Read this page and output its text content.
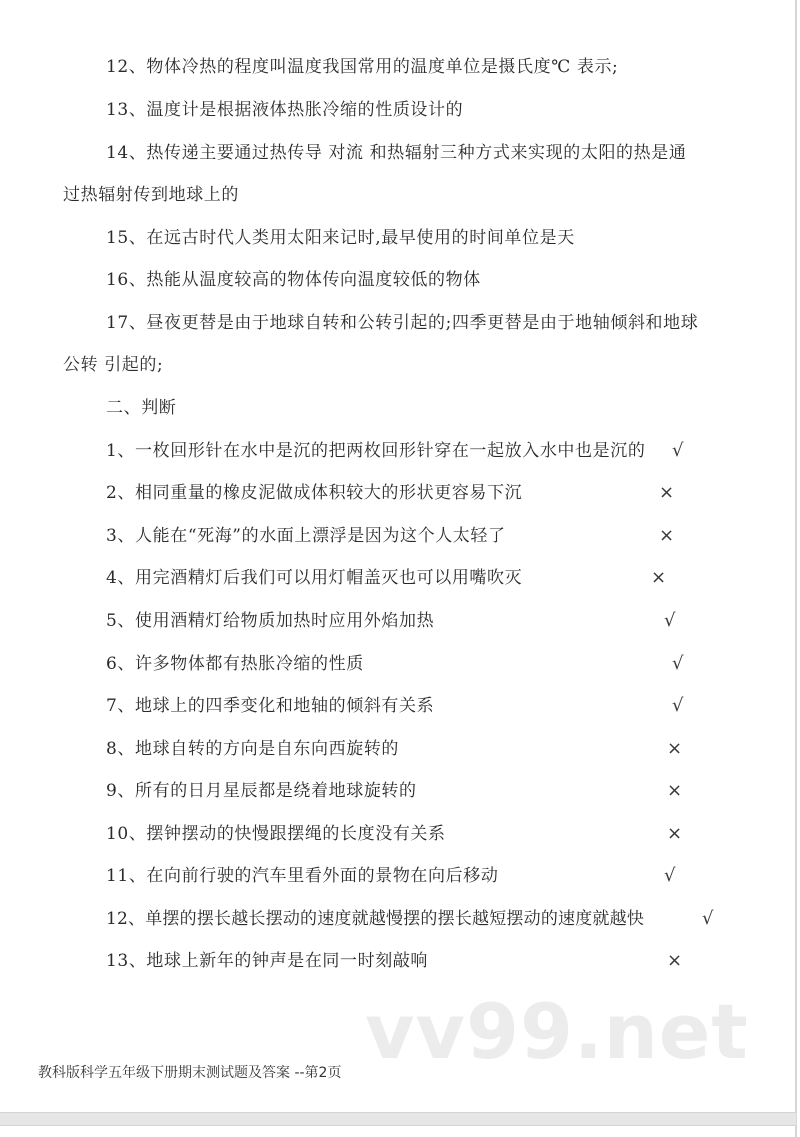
12、物体冷热的程度叫温度我国常用的温度单位是摄氏度℃ 表示;
13、温度计是根据液体热胀冷缩的性质设计的
14、热传递主要通过热传导 对流 和热辐射三种方式来实现的太阳的热是通
过热辐射传到地球上的
15、在远古时代人类用太阳来记时,最早使用的时间单位是天
16、热能从温度较高的物体传向温度较低的物体
17、昼夜更替是由于地球自转和公转引起的;四季更替是由于地轴倾斜和地球
公转 引起的;
二、判断
1、一枚回形针在水中是沉的把两枚回形针穿在一起放入水中也是沉的 √
2、相同重量的橡皮泥做成体积较大的形状更容易下沉	×
3、人能在“死海”的水面上漂浮是因为这个人太轻了	×
4、用完酒精灯后我们可以用灯帽盖灭也可以用嘴吹灭	×
5、使用酒精灯给物质加热时应用外焰加热	√
6、许多物体都有热胀冷缩的性质	√
7、地球上的四季变化和地轴的倾斜有关系	√
8、地球自转的方向是自东向西旋转的	×
9、所有的日月星辰都是绕着地球旋转的	×
10、摆钟摆动的快慢跟摆绳的长度没有关系	×
11、在向前行驶的汽车里看外面的景物在向后移动	√
12、单摆的摆长越长摆动的速度就越慢摆的摆长越短摆动的速度就越快	√
13、地球上新年的钟声是在同一时刻敲响	×
vv99.net
教科版科学五年级下册期末测试题及答案 --第2页
